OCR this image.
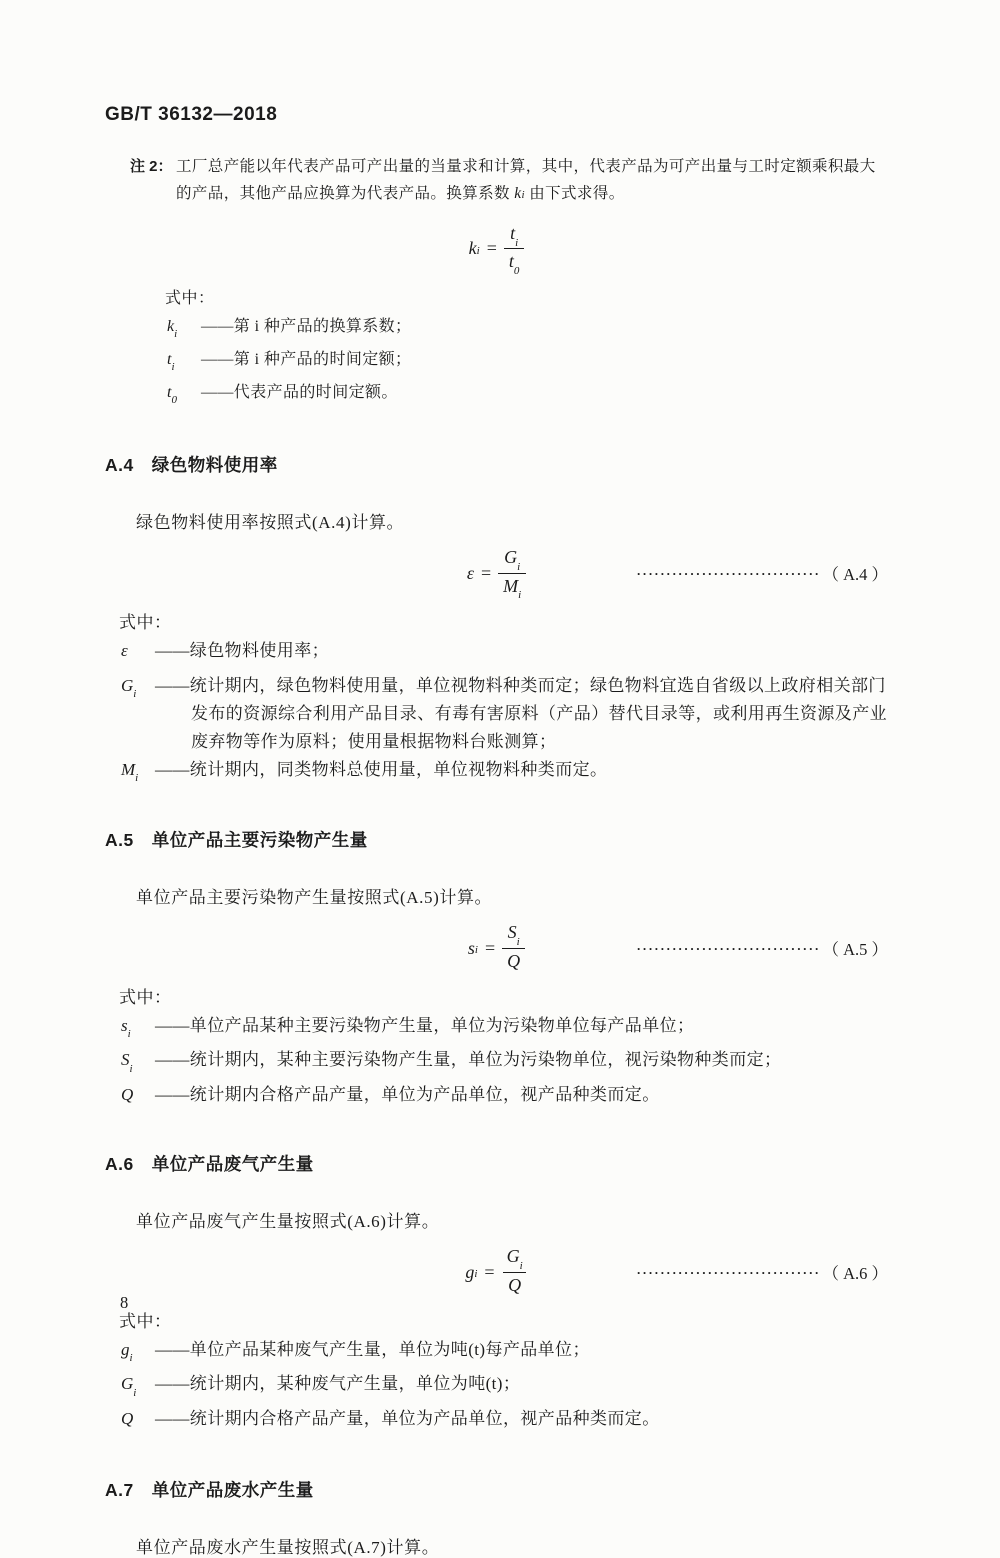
GB/T 36132—2018
注 2： 工厂总产能以年代表产品可产出量的当量求和计算，其中，代表产品为可产出量与工时定额乘积最大的产品，其他产品应换算为代表产品。换算系数 $k_i$ 由下式求得。
$k_i = \frac{t_i}{t_0}$
式中：
$k_i$	——第 i 种产品的换算系数；
$t_i$	——第 i 种产品的时间定额；
$t_0$	——代表产品的时间定额。
A.4 绿色物料使用率
绿色物料使用率按照式(A.4)计算。
$\varepsilon = \frac{G_i}{M_i}$	······························· （ A.4 ）
式中：
ε	——绿色物料使用率；
$G_i$	——统计期内，绿色物料使用量，单位视物料种类而定；绿色物料宜选自省级以上政府相关部门发布的资源综合利用产品目录、有毒有害原料（产品）替代目录等，或利用再生资源及产业废弃物等作为原料；使用量根据物料台账测算；
$M_i$ ——统计期内，同类物料总使用量，单位视物料种类而定。
A.5 单位产品主要污染物产生量
单位产品主要污染物产生量按照式(A.5)计算。
$s_i = \frac{S_i}{Q}$	······························· （ A.5 ）
式中：
$s_i$	——单位产品某种主要污染物产生量，单位为污染物单位每产品单位；
$S_i$	——统计期内，某种主要污染物产生量，单位为污染物单位，视污染物种类而定；
Q	——统计期内合格产品产量，单位为产品单位，视产品种类而定。
A.6 单位产品废气产生量
单位产品废气产生量按照式(A.6)计算。
$g_i = \frac{G_i}{Q}$	······························· （ A.6 ）
式中：
$g_i$	——单位产品某种废气产生量，单位为吨(t)每产品单位；
$G_i$	——统计期内，某种废气产生量，单位为吨(t)；
Q	——统计期内合格产品产量，单位为产品单位，视产品种类而定。
A.7 单位产品废水产生量
单位产品废水产生量按照式(A.7)计算。
8
